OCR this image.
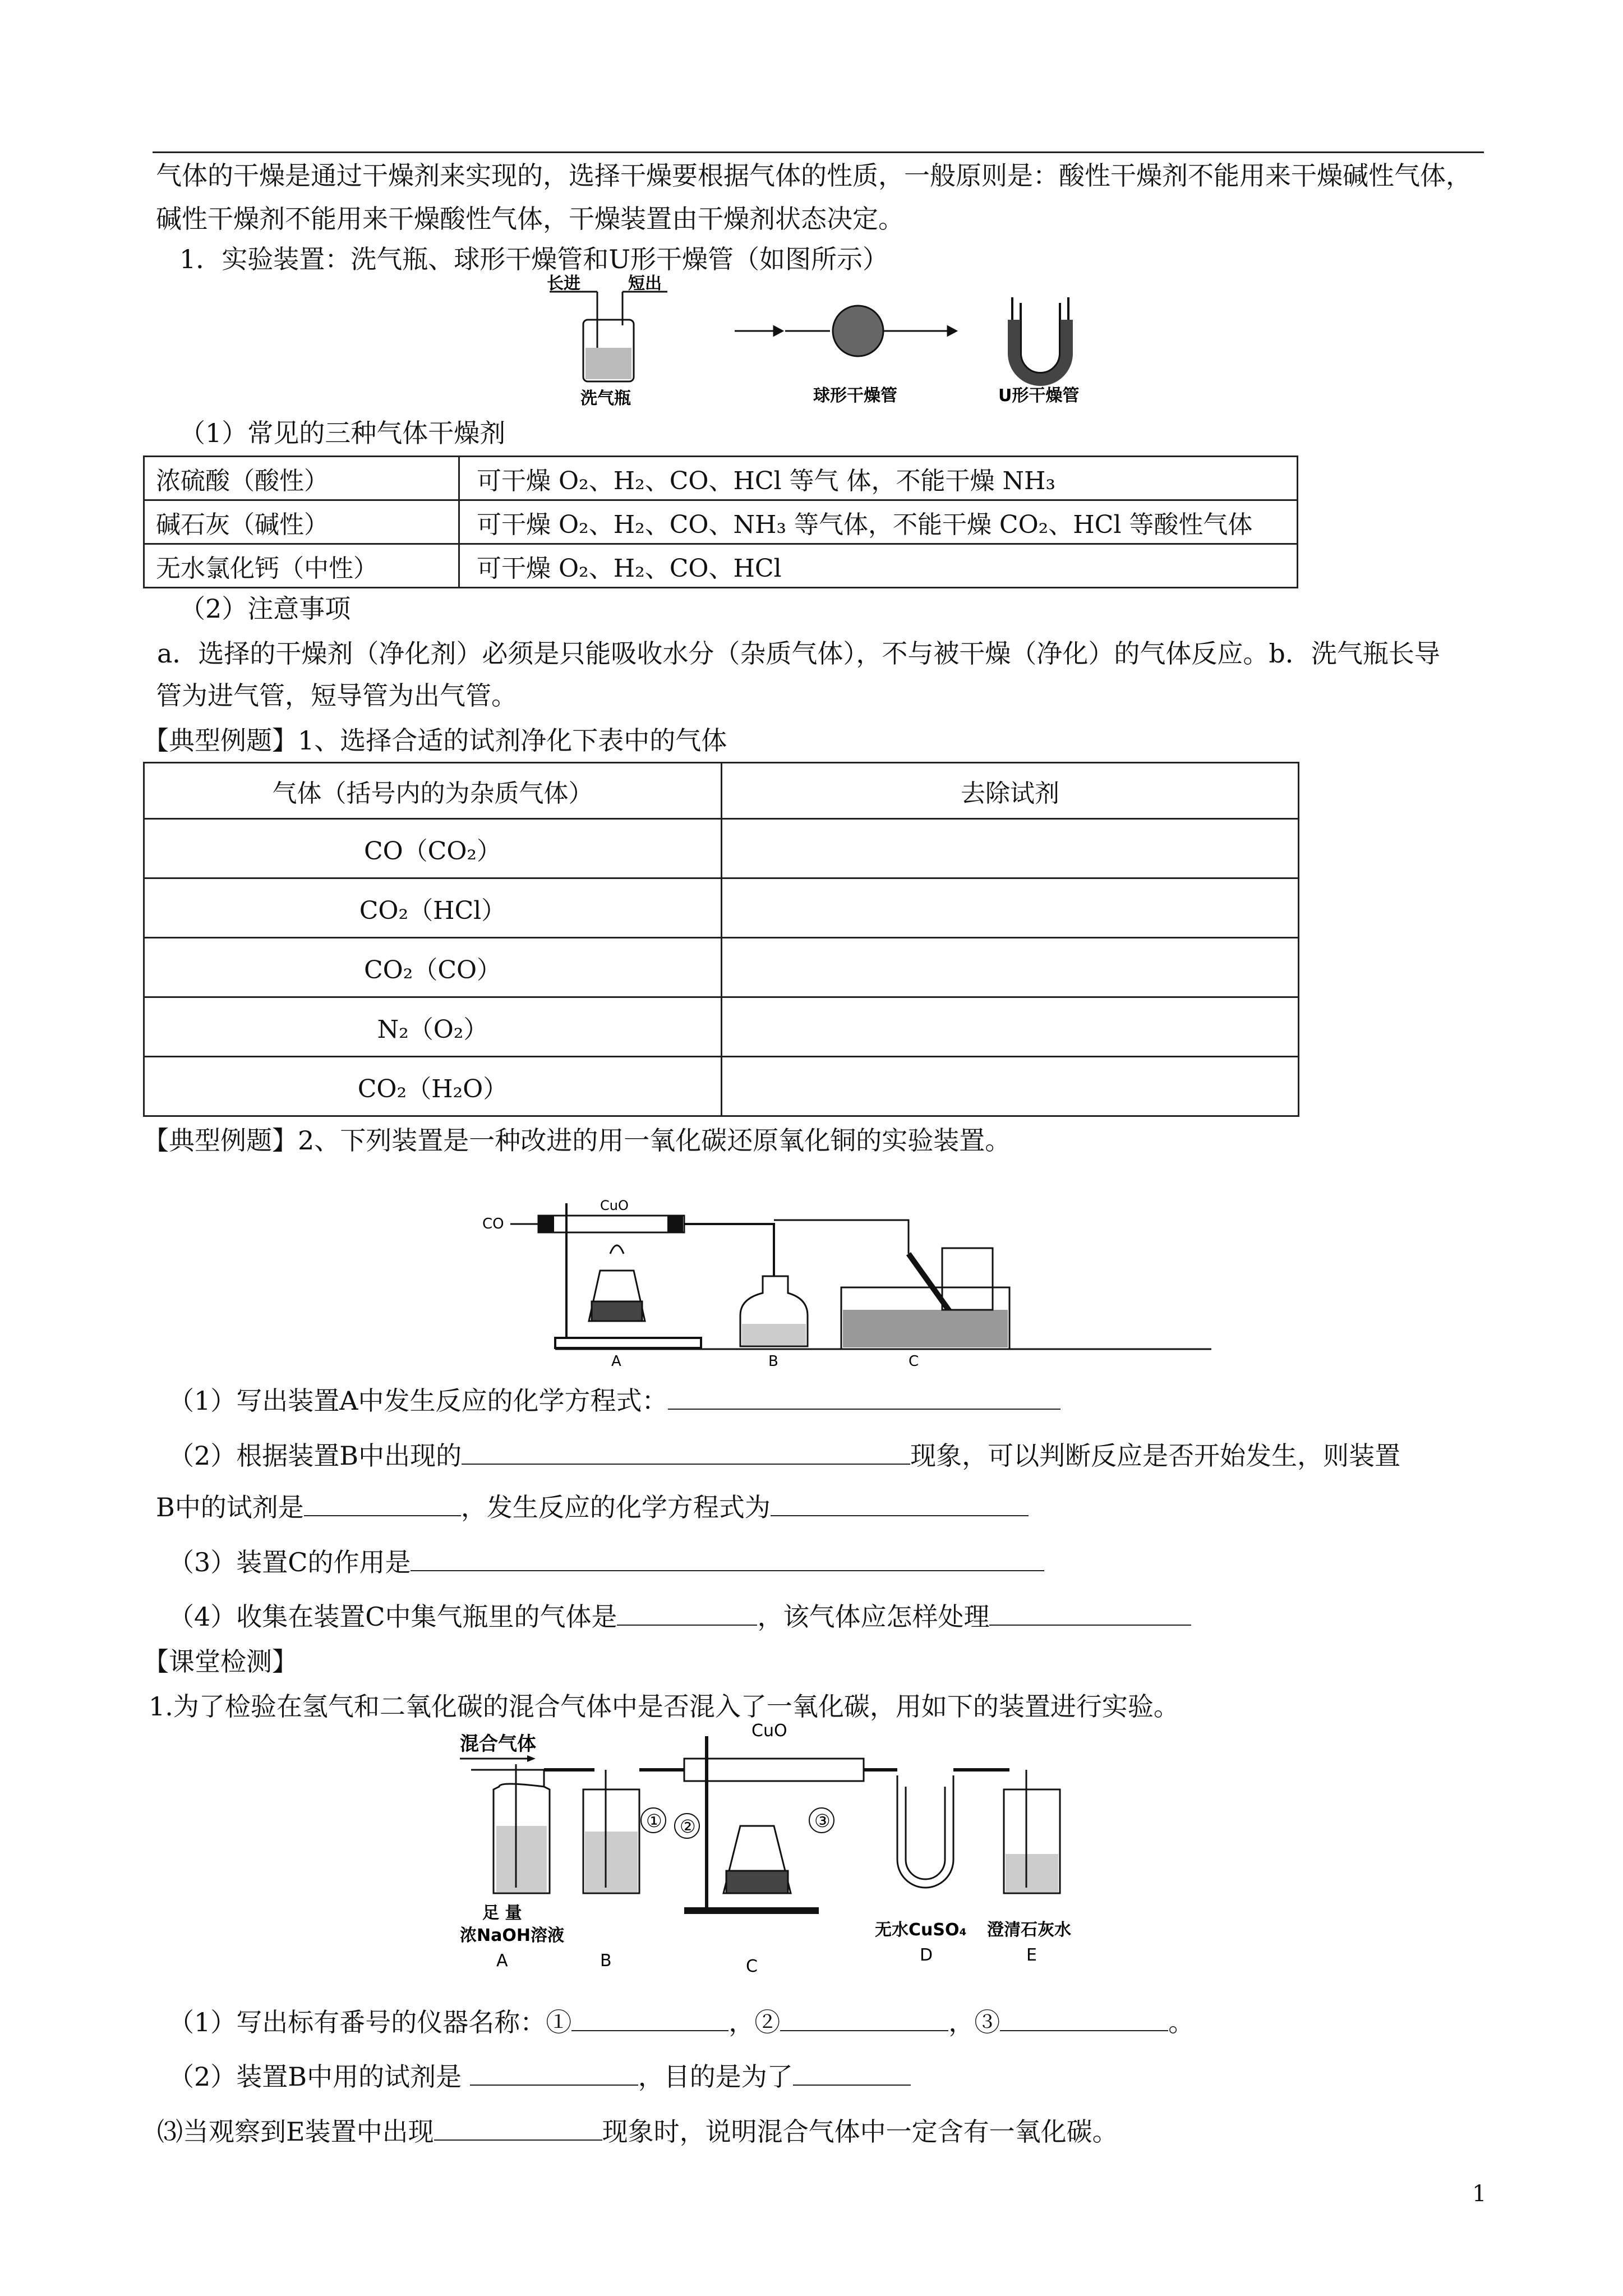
气体的干燥是通过干燥剂来实现的，选择干燥要根据气体的性质，一般原则是：酸性干燥剂不能用来干燥碱性气体，
碱性干燥剂不能用来干燥酸性气体，干燥装置由干燥剂状态决定。
1．实验装置：洗气瓶、球形干燥管和U形干燥管（如图所示）
长进	短出
洗气瓶	球形干燥管	U形干燥管
（1）常见的三种气体干燥剂
浓硫酸（酸性）	可干燥 O₂、H₂、CO、HCl 等气 体，不能干燥 NH₃
碱石灰（碱性）	可干燥 O₂、H₂、CO、NH₃ 等气体，不能干燥 CO₂、HCl 等酸性气体
无水氯化钙（中性）	可干燥 O₂、H₂、CO、HCl
（2）注意事项
a．选择的干燥剂（净化剂）必须是只能吸收水分（杂质气体），不与被干燥（净化）的气体反应。b．洗气瓶长导
管为进气管，短导管为出气管。
【典型例题】1、选择合适的试剂净化下表中的气体
气体（括号内的为杂质气体）	去除试剂
CO（CO₂）	
CO₂（HCl）	
CO₂（CO）	
N₂（O₂）	
CO₂（H₂O）	
【典型例题】2、下列装置是一种改进的用一氧化碳还原氧化铜的实验装置。
CO
CuO
B	C
A
（1）写出装置A中发生反应的化学方程式：
（2）根据装置B中出现的	现象，可以判断反应是否开始发生，则装置
B中的试剂是	，发生反应的化学方程式为
（3）装置C的作用是
（4）收集在装置C中集气瓶里的气体是	，该气体应怎样处理
【课堂检测】
1.为了检验在氢气和二氧化碳的混合气体中是否混入了一氧化碳，用如下的装置进行实验。
混合气体
CuO
① ②	③
足 量
浓NaOH溶液	无水CuSO₄ 澄清石灰水
A	B	C
D	E
（1）写出标有番号的仪器名称：①	，②	，③	。
（2）装置B中用的试剂是	，目的是为了
⑶当观察到E装置中出现	现象时，说明混合气体中一定含有一氧化碳。
1
